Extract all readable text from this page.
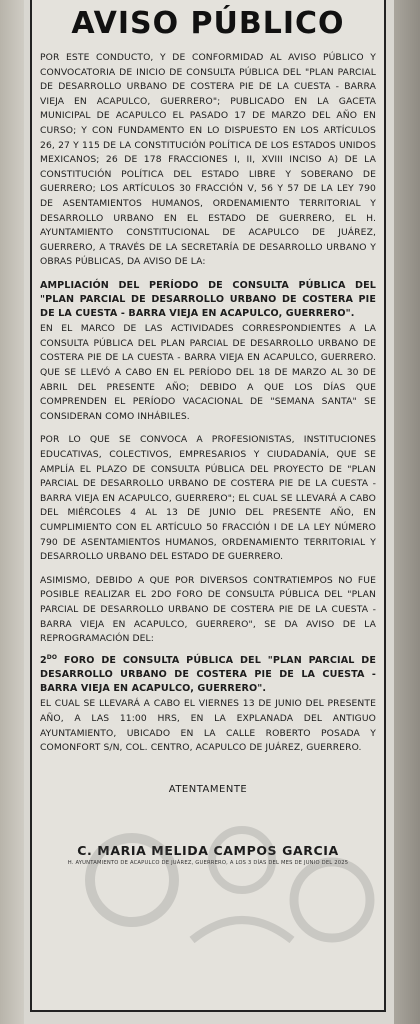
AVISO PÚBLICO

POR ESTE CONDUCTO, Y DE CONFORMIDAD AL AVISO PÚBLICO Y CONVOCATORIA DE INICIO DE CONSULTA PÚBLICA DEL "PLAN PARCIAL DE DESARROLLO URBANO DE COSTERA PIE DE LA CUESTA - BARRA VIEJA EN ACAPULCO, GUERRERO"; PUBLICADO EN LA GACETA MUNICIPAL DE ACAPULCO EL PASADO 17 DE MARZO DEL AÑO EN CURSO; Y CON FUNDAMENTO EN LO DISPUESTO EN LOS ARTÍCULOS 26, 27 Y 115 DE LA CONSTITUCIÓN POLÍTICA DE LOS ESTADOS UNIDOS MEXICANOS; 26 DE 178 FRACCIONES I, II, XVIII INCISO A) DE LA CONSTITUCIÓN POLÍTICA DEL ESTADO LIBRE Y SOBERANO DE GUERRERO; LOS ARTÍCULOS 30 FRACCIÓN V, 56 Y 57 DE LA LEY 790 DE ASENTAMIENTOS HUMANOS, ORDENAMIENTO TERRITORIAL Y DESARROLLO URBANO EN EL ESTADO DE GUERRERO, EL H. AYUNTAMIENTO CONSTITUCIONAL DE ACAPULCO DE JUÁREZ, GUERRERO, A TRAVÉS DE LA SECRETARÍA DE DESARROLLO URBANO Y OBRAS PÚBLICAS, DA AVISO DE LA:

AMPLIACIÓN DEL PERÍODO DE CONSULTA PÚBLICA DEL "PLAN PARCIAL DE DESARROLLO URBANO DE COSTERA PIE DE LA CUESTA - BARRA VIEJA EN ACAPULCO, GUERRERO".

EN EL MARCO DE LAS ACTIVIDADES CORRESPONDIENTES A LA CONSULTA PÚBLICA DEL PLAN PARCIAL DE DESARROLLO URBANO DE COSTERA PIE DE LA CUESTA - BARRA VIEJA EN ACAPULCO, GUERRERO. QUE SE LLEVÓ A CABO EN EL PERÍODO DEL 18 DE MARZO AL 30 DE ABRIL DEL PRESENTE AÑO; DEBIDO A QUE LOS DÍAS QUE COMPRENDEN EL PERÍODO VACACIONAL DE "SEMANA SANTA" SE CONSIDERAN COMO INHÁBILES.

POR LO QUE SE CONVOCA A PROFESIONISTAS, INSTITUCIONES EDUCATIVAS, COLECTIVOS, EMPRESARIOS Y CIUDADANÍA, QUE SE AMPLÍA EL PLAZO DE CONSULTA PÚBLICA DEL PROYECTO DE "PLAN PARCIAL DE DESARROLLO URBANO DE COSTERA PIE DE LA CUESTA - BARRA VIEJA EN ACAPULCO, GUERRERO"; EL CUAL SE LLEVARÁ A CABO DEL MIÉRCOLES 4 AL 13 DE JUNIO DEL PRESENTE AÑO, EN CUMPLIMIENTO CON EL ARTÍCULO 50 FRACCIÓN I DE LA LEY NÚMERO 790 DE ASENTAMIENTOS HUMANOS, ORDENAMIENTO TERRITORIAL Y DESARROLLO URBANO DEL ESTADO DE GUERRERO.

ASIMISMO, DEBIDO A QUE POR DIVERSOS CONTRATIEMPOS NO FUE POSIBLE REALIZAR EL 2DO FORO DE CONSULTA PÚBLICA DEL "PLAN PARCIAL DE DESARROLLO URBANO DE COSTERA PIE DE LA CUESTA - BARRA VIEJA EN ACAPULCO, GUERRERO", SE DA AVISO DE LA REPROGRAMACIÓN DEL:

$2^{DO}$ FORO DE CONSULTA PÚBLICA DEL "PLAN PARCIAL DE DESARROLLO URBANO DE COSTERA PIE DE LA CUESTA - BARRA VIEJA EN ACAPULCO, GUERRERO".

EL CUAL SE LLEVARÁ A CABO EL VIERNES 13 DE JUNIO DEL PRESENTE AÑO, A LAS 11:00 HRS, EN LA EXPLANADA DEL ANTIGUO AYUNTAMIENTO, UBICADO EN LA CALLE ROBERTO POSADA Y COMONFORT S/N, COL. CENTRO, ACAPULCO DE JUÁREZ, GUERRERO.

ATENTAMENTE
C. MARIA MELIDA CAMPOS GARCIA
H. AYUNTAMIENTO DE ACAPULCO DE JUÁREZ, GUERRERO, A LOS 3 DÍAS DEL MES DE JUNIO DEL 2025
